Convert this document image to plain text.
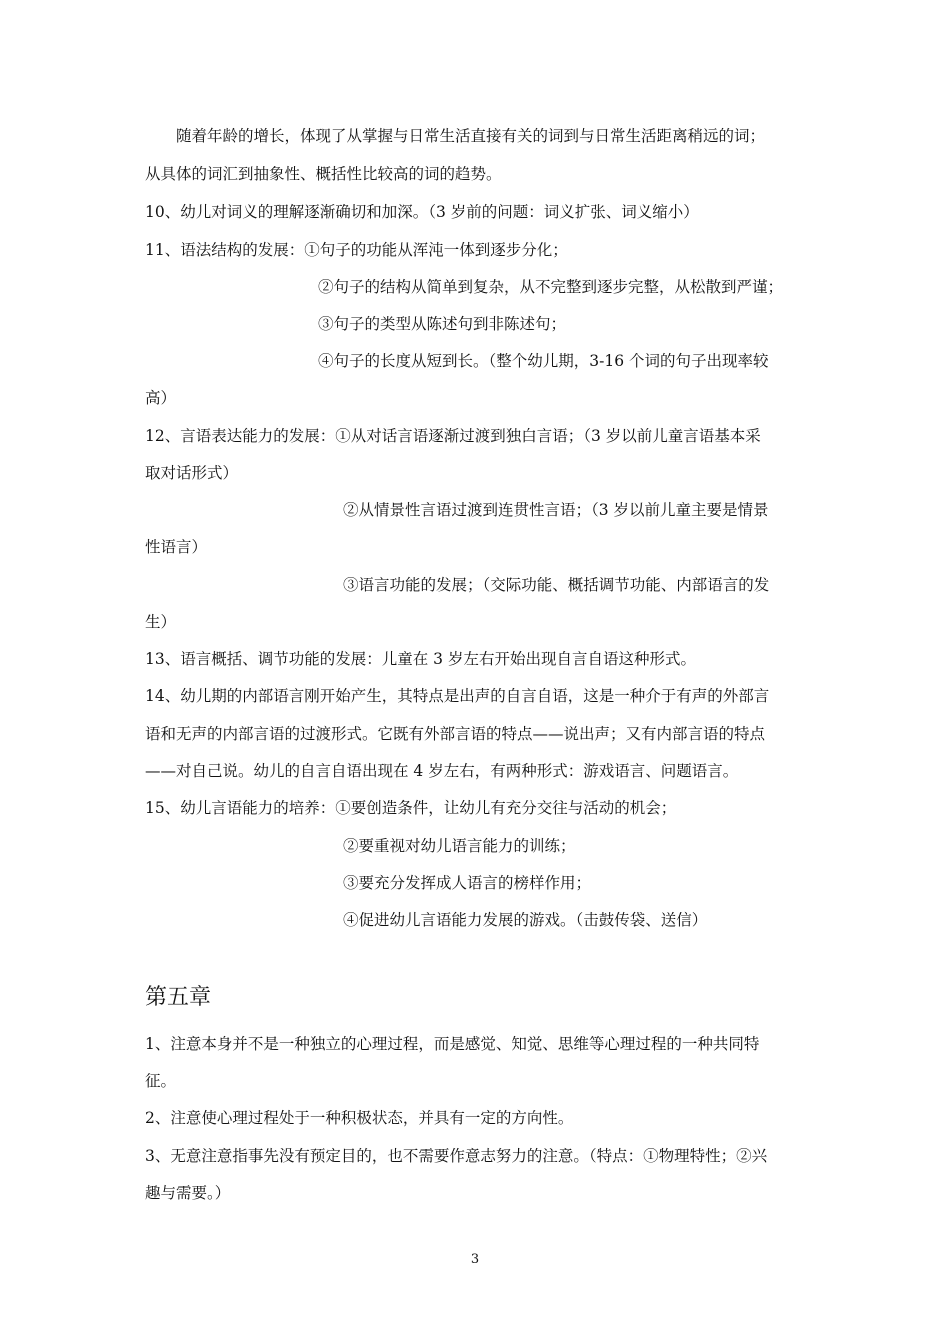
随着年龄的增长，体现了从掌握与日常生活直接有关的词到与日常生活距离稍远的词；
从具体的词汇到抽象性、概括性比较高的词的趋势。
10、幼儿对词义的理解逐渐确切和加深。（3 岁前的问题：词义扩张、词义缩小）
11、语法结构的发展：①句子的功能从浑沌一体到逐步分化；
②句子的结构从简单到复杂，从不完整到逐步完整，从松散到严谨；
③句子的类型从陈述句到非陈述句；
④句子的长度从短到长。（整个幼儿期，3-16 个词的句子出现率较
高）
12、言语表达能力的发展：①从对话言语逐渐过渡到独白言语；（3 岁以前儿童言语基本采
取对话形式）
②从情景性言语过渡到连贯性言语；（3 岁以前儿童主要是情景
性语言）
③语言功能的发展；（交际功能、概括调节功能、内部语言的发
生）
13、语言概括、调节功能的发展：儿童在 3 岁左右开始出现自言自语这种形式。
14、幼儿期的内部语言刚开始产生，其特点是出声的自言自语，这是一种介于有声的外部言
语和无声的内部言语的过渡形式。它既有外部言语的特点——说出声；又有内部言语的特点
——对自己说。幼儿的自言自语出现在 4 岁左右，有两种形式：游戏语言、问题语言。
15、幼儿言语能力的培养：①要创造条件，让幼儿有充分交往与活动的机会；
②要重视对幼儿语言能力的训练；
③要充分发挥成人语言的榜样作用；
④促进幼儿言语能力发展的游戏。（击鼓传袋、送信）
第五章
1、注意本身并不是一种独立的心理过程，而是感觉、知觉、思维等心理过程的一种共同特
征。
2、注意使心理过程处于一种积极状态，并具有一定的方向性。
3、无意注意指事先没有预定目的，也不需要作意志努力的注意。（特点：①物理特性；②兴
趣与需要。）
3
